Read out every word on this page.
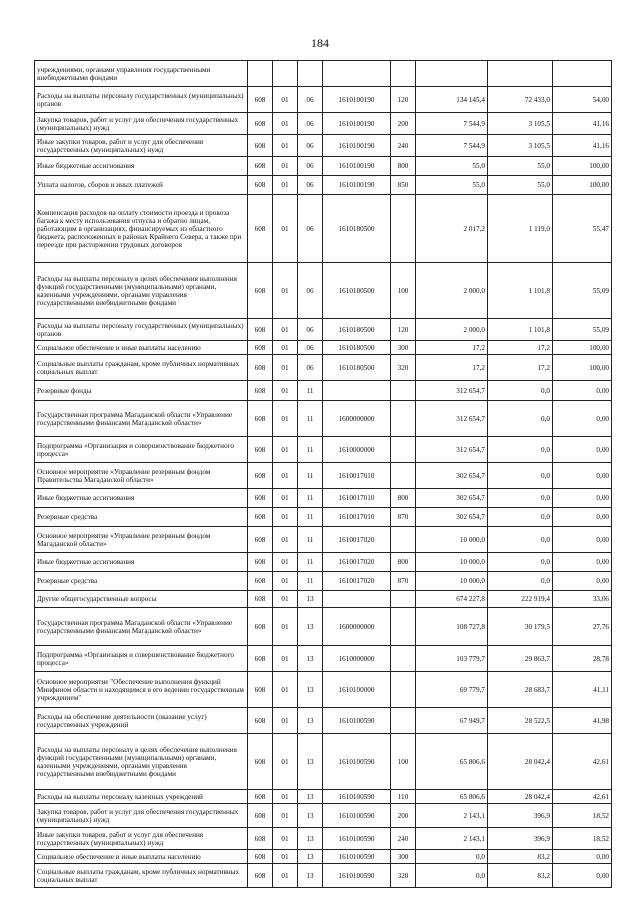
184
учреждениями, органами управления государственными внебюджетными фондами								
Расходы на выплаты персоналу государственных (муниципальных) органов	608	01	06	1610100190	120	134 145,4	72 433,0	54,00
Закупка товаров, работ и услуг для обеспечения государственных (муниципальных) нужд	608	01	06	1610100190	200	7 544,9	3 105,5	41,16
Иные закупки товаров, работ и услуг для обеспечения государственных (муниципальных) нужд	608	01	06	1610100190	240	7 544,9	3 105,5	41,16
Иные бюджетные ассигнования	608	01	06	1610100190	800	55,0	55,0	100,00
Уплата налогов, сборов и иных платежей	608	01	06	1610100190	850	55,0	55,0	100,00
Компенсация расходов на оплату стоимости проезда и провоза багажа к месту использования отпуска и обратно лицам, работающим в организациях, финансируемых из областного бюджета, расположенных в районах Крайнего Севера, а также при переезде при расторжении трудовых договоров	608	01	06	1610180500		2 017,2	1 119,0	55,47
Расходы на выплаты персоналу в целях обеспечения выполнения функций государственными (муниципальными) органами, казенными учреждениями, органами управления государственными внебюджетными фондами	608	01	06	1610180500	100	2 000,0	1 101,8	55,09
Расходы на выплаты персоналу государственных (муниципальных) органов	608	01	06	1610180500	120	2 000,0	1 101,8	55,09
Социальное обеспечение и иные выплаты населению	608	01	06	1610180500	300	17,2	17,2	100,00
Социальные выплаты гражданам, кроме публичных нормативных социальных выплат	608	01	06	1610180500	320	17,2	17,2	100,00
Резервные фонды	608	01	11			312 654,7	0,0	0,00
Государственная программа Магаданской области «Управление государственными финансами Магаданской области»	608	01	11	1600000000		312 654,7	0,0	0,00
Подпрограмма «Организация и совершенствование бюджетного процесса»	608	01	11	1610000000		312 654,7	0,0	0,00
Основное мероприятие «Управление резервным фондом Правительства Магаданской области»	608	01	11	1610017010		302 654,7	0,0	0,00
Иные бюджетные ассигнования	608	01	11	1610017010	800	302 654,7	0,0	0,00
Резервные средства	608	01	11	1610017010	870	302 654,7	0,0	0,00
Основное мероприятие «Управление резервным фондом Магаданской области»	608	01	11	1610017020		10 000,0	0,0	0,00
Иные бюджетные ассигнования	608	01	11	1610017020	800	10 000,0	0,0	0,00
Резервные средства	608	01	11	1610017020	870	10 000,0	0,0	0,00
Другие общегосударственные вопросы	608	01	13			674 227,8	222 919,4	33,06
Государственная программа Магаданской области «Управление государственными финансами Магаданской области»	608	01	13	1600000000		108 727,8	30 179,5	27,76
Подпрограмма «Организация и совершенствование бюджетного процесса»	608	01	13	1610000000		103 779,7	29 863,7	28,78
Основное мероприятие "Обеспечение выполнения функций Минфином области и находящимся в его ведении государственным учреждением"	608	01	13	1610100000		69 779,7	28 683,7	41,11
Расходы на обеспечение деятельности (оказание услуг) государственных учреждений	608	01	13	1610100590		67 949,7	28 522,5	41,98
Расходы на выплаты персоналу в целях обеспечения выполнения функций государственными (муниципальными) органами, казенными учреждениями, органами управления государственными внебюджетными фондами	608	01	13	1610100590	100	65 806,6	28 042,4	42,61
Расходы на выплаты персоналу казенных учреждений	608	01	13	1610100590	110	65 806,6	28 042,4	42,61
Закупка товаров, работ и услуг для обеспечения государственных (муниципальных) нужд	608	01	13	1610100590	200	2 143,1	396,9	18,52
Иные закупки товаров, работ и услуг для обеспечения государственных (муниципальных) нужд	608	01	13	1610100590	240	2 143,1	396,9	18,52
Социальное обеспечение и иные выплаты населению	608	01	13	1610100590	300	0,0	83,2	0,00
Социальные выплаты гражданам, кроме публичных нормативных социальных выплат	608	01	13	1610100590	320	0,0	83,2	0,00
